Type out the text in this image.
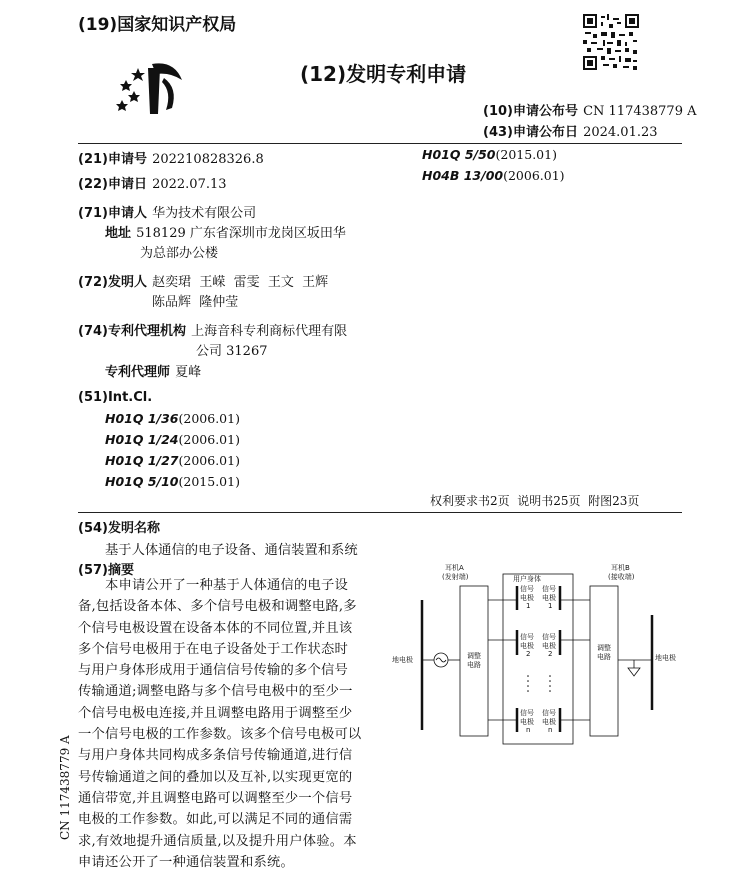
(19)国家知识产权局
(12)发明专利申请
(10)申请公布号 CN 117438779 A
(43)申请公布日 2024.01.23
(21)申请号 202210828326.8
(22)申请日 2022.07.13
(71)申请人 华为技术有限公司
地址 518129 广东省深圳市龙岗区坂田华
为总部办公楼
(72)发明人 赵奕珺  王嵘  雷雯  王文  王辉
陈品辉  隆仲莹
(74)专利代理机构 上海音科专利商标代理有限
公司 31267
专利代理师 夏峰
(51)Int.Cl.
H01Q 1/36(2006.01)
H01Q 1/24(2006.01)
H01Q 1/27(2006.01)
H01Q 5/10(2015.01)
H01Q 5/50(2015.01)
H04B 13/00(2006.01)
权利要求书2页  说明书25页  附图23页
(54)发明名称
基于人体通信的电子设备、通信装置和系统
(57)摘要
本申请公开了一种基于人体通信的电子设
备,包括设备本体、多个信号电极和调整电路,多
个信号电极设置在设备本体的不同位置,并且该
多个信号电极用于在电子设备处于工作状态时
与用户身体形成用于通信信号传输的多个信号
传输通道;调整电路与多个信号电极中的至少一
个信号电极电连接,并且调整电路用于调整至少
一个信号电极的工作参数。该多个信号电极可以
与用户身体共同构成多条信号传输通道,进行信
号传输通道之间的叠加以及互补,以实现更宽的
通信带宽,并且调整电路可以调整至少一个信号
电极的工作参数。如此,可以满足不同的通信需
求,有效地提升通信质量,以及提升用户体验。本
申请还公开了一种通信装置和系统。
CN 117438779 A
耳机A
(发射端)
耳机B
(接收端)
用户身体
调整
电路
调整
电路
地电极	地电极
信号
电极
1
信号
电极
2
信号
电极
n
信号
电极
1
信号
电极
2
信号
电极
n
